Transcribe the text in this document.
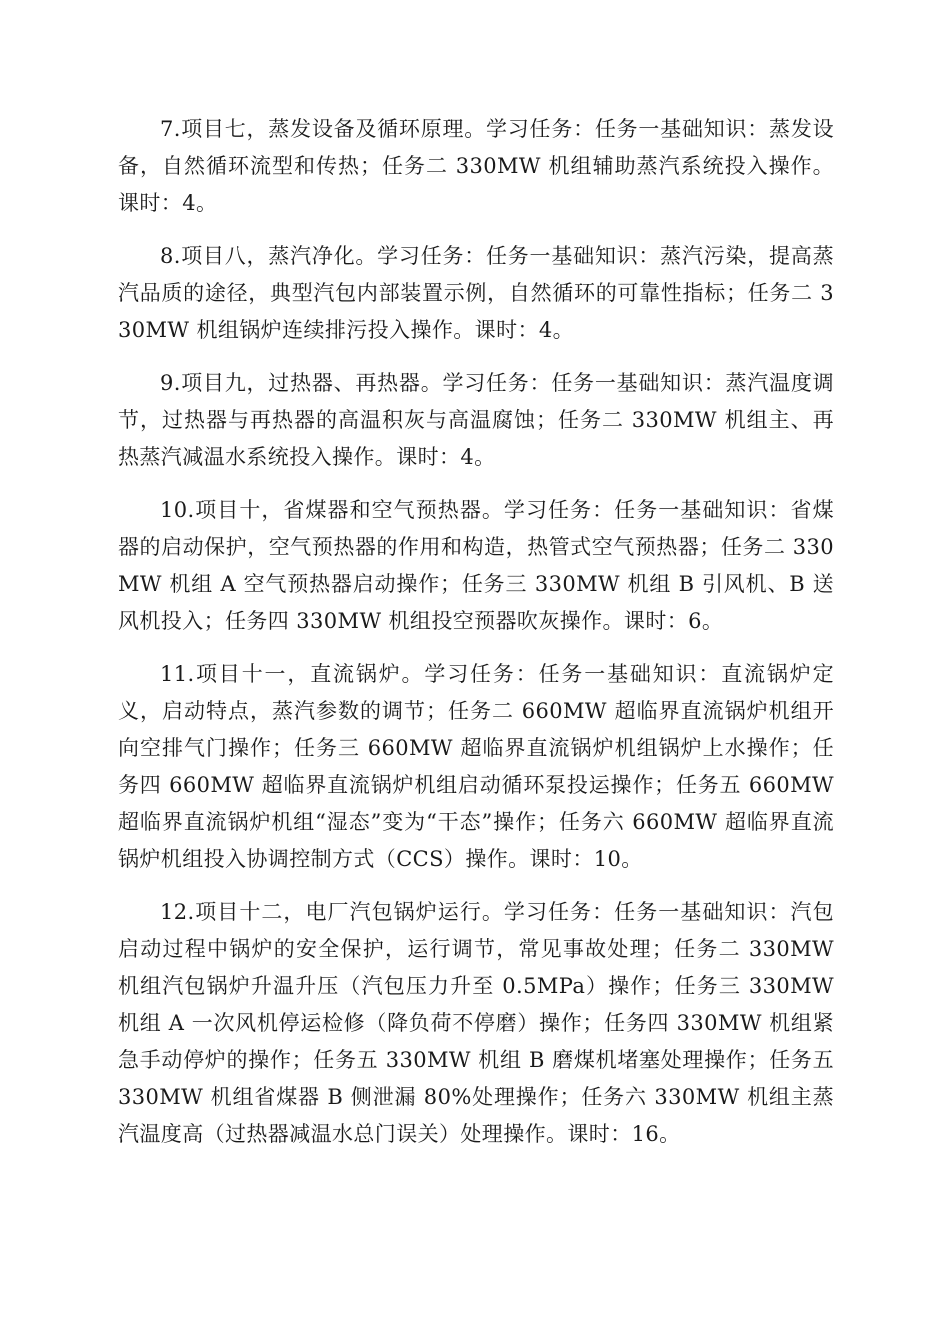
7.项目七，蒸发设备及循环原理。学习任务：任务一基础知识：蒸发设备，自然循环流型和传热；任务二 330MW 机组辅助蒸汽系统投入操作。课时：4。

8.项目八，蒸汽净化。学习任务：任务一基础知识：蒸汽污染，提高蒸汽品质的途径，典型汽包内部装置示例，自然循环的可靠性指标；任务二 330MW 机组锅炉连续排污投入操作。课时：4。

9.项目九，过热器、再热器。学习任务：任务一基础知识：蒸汽温度调节，过热器与再热器的高温积灰与高温腐蚀；任务二 330MW 机组主、再热蒸汽减温水系统投入操作。课时：4。

10.项目十，省煤器和空气预热器。学习任务：任务一基础知识：省煤器的启动保护，空气预热器的作用和构造，热管式空气预热器；任务二 330MW 机组 A 空气预热器启动操作；任务三 330MW 机组 B 引风机、B 送风机投入；任务四 330MW 机组投空预器吹灰操作。课时：6。

11.项目十一，直流锅炉。学习任务：任务一基础知识：直流锅炉定义，启动特点，蒸汽参数的调节；任务二 660MW 超临界直流锅炉机组开向空排气门操作；任务三 660MW 超临界直流锅炉机组锅炉上水操作；任务四 660MW 超临界直流锅炉机组启动循环泵投运操作；任务五 660MW 超临界直流锅炉机组“湿态”变为“干态”操作；任务六 660MW 超临界直流锅炉机组投入协调控制方式（CCS）操作。课时：10。

12.项目十二，电厂汽包锅炉运行。学习任务：任务一基础知识：汽包启动过程中锅炉的安全保护，运行调节，常见事故处理；任务二 330MW 机组汽包锅炉升温升压（汽包压力升至 0.5MPa）操作；任务三 330MW 机组 A 一次风机停运检修（降负荷不停磨）操作；任务四 330MW 机组紧急手动停炉的操作；任务五 330MW 机组 B 磨煤机堵塞处理操作；任务五 330MW 机组省煤器 B 侧泄漏 80%处理操作；任务六 330MW 机组主蒸汽温度高（过热器减温水总门误关）处理操作。课时：16。
